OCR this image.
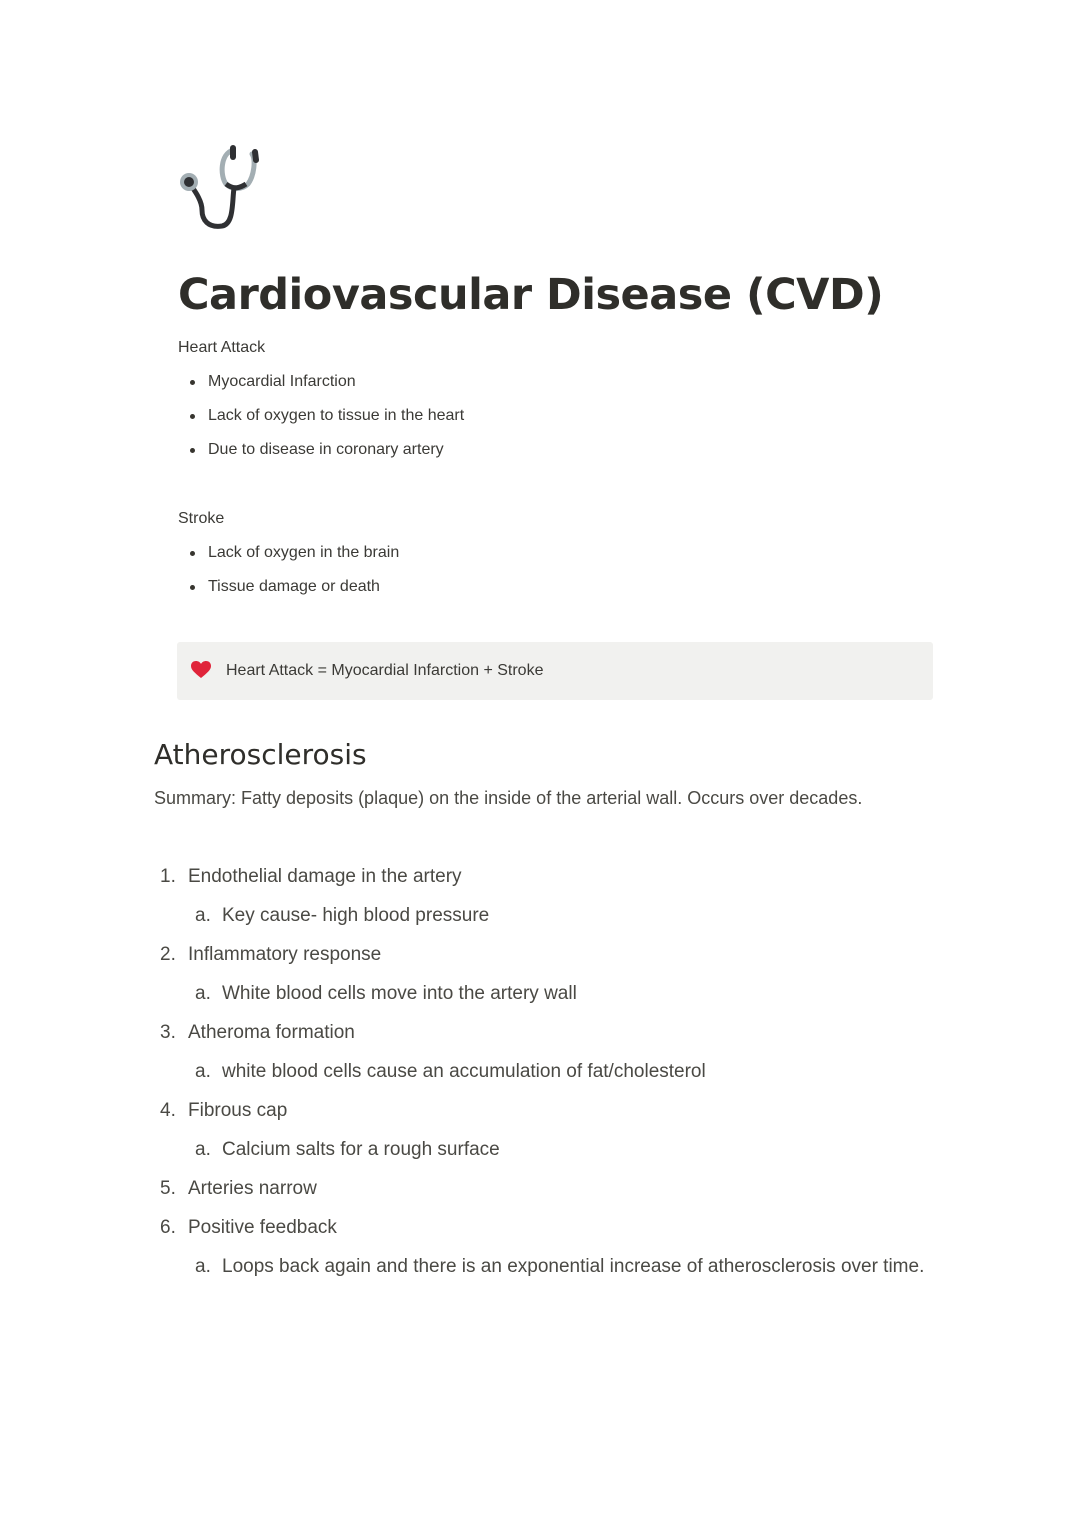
Cardiovascular Disease (CVD)
Heart Attack
Myocardial Infarction
Lack of oxygen to tissue in the heart
Due to disease in coronary artery
Stroke
Lack of oxygen in the brain
Tissue damage or death
Heart Attack = Myocardial Infarction + Stroke
Atherosclerosis
Summary: Fatty deposits (plaque) on the inside of the arterial wall. Occurs over decades.
1. Endothelial damage in the artery
a. Key cause- high blood pressure
2. Inflammatory response
a. White blood cells move into the artery wall
3. Atheroma formation
a. white blood cells cause an accumulation of fat/cholesterol
4. Fibrous cap
a. Calcium salts for a rough surface
5. Arteries narrow
6. Positive feedback
a. Loops back again and there is an exponential increase of atherosclerosis over time.
